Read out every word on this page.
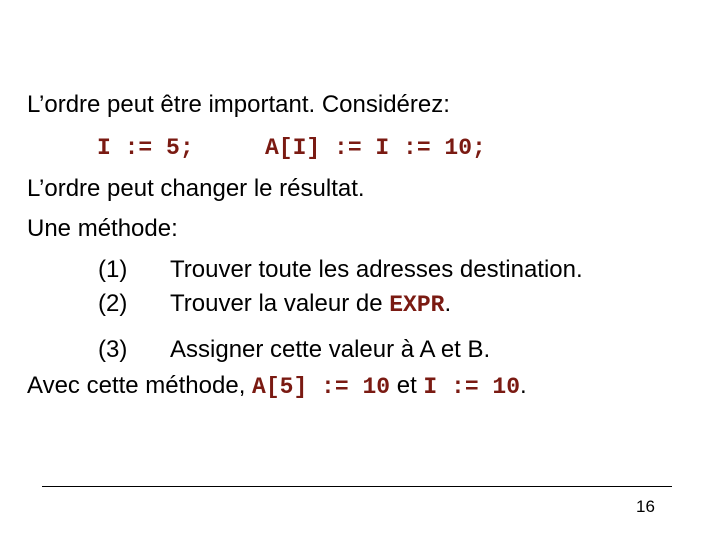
L’ordre peut être important. Considérez:
I := 5;	A[I] := I := 10;
L’ordre peut changer le résultat.
Une méthode:
(1) Trouver toute les adresses destination.
(2) Trouver la valeur de EXPR.
(3) Assigner cette valeur à A et B.
Avec cette méthode, A[5] := 10 et I := 10.
16
